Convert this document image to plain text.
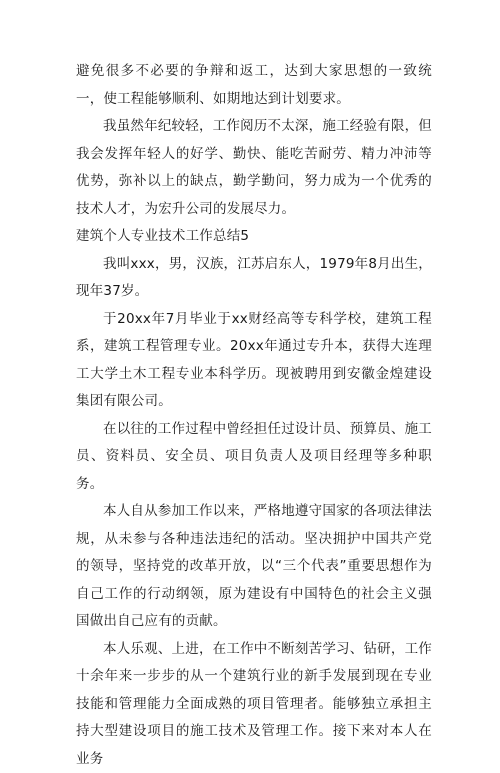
避免很多不必要的争辩和返工，达到大家思想的一致统一，使工程能够顺利、如期地达到计划要求。

我虽然年纪较轻，工作阅历不太深，施工经验有限，但我会发挥年轻人的好学、勤快、能吃苦耐劳、精力冲沛等优势，弥补以上的缺点，勤学勤问，努力成为一个优秀的技术人才，为宏升公司的发展尽力。

建筑个人专业技术工作总结5

我叫xxx，男，汉族，江苏启东人，1979年8月出生，现年37岁。

于20xx年7月毕业于xx财经高等专科学校，建筑工程系，建筑工程管理专业。20xx年通过专升本，获得大连理工大学土木工程专业本科学历。现被聘用到安徽金煌建设集团有限公司。

在以往的工作过程中曾经担任过设计员、预算员、施工员、资料员、安全员、项目负责人及项目经理等多种职务。

本人自从参加工作以来，严格地遵守国家的各项法律法规，从未参与各种违法违纪的活动。坚决拥护中国共产党的领导，坚持党的改革开放，以“三个代表”重要思想作为自己工作的行动纲领，原为建设有中国特色的社会主义强国做出自己应有的贡献。

本人乐观、上进，在工作中不断刻苦学习、钻研，工作十余年来一步步的从一个建筑行业的新手发展到现在专业技能和管理能力全面成熟的项目管理者。能够独立承担主持大型建设项目的施工技术及管理工作。接下来对本人在业务
